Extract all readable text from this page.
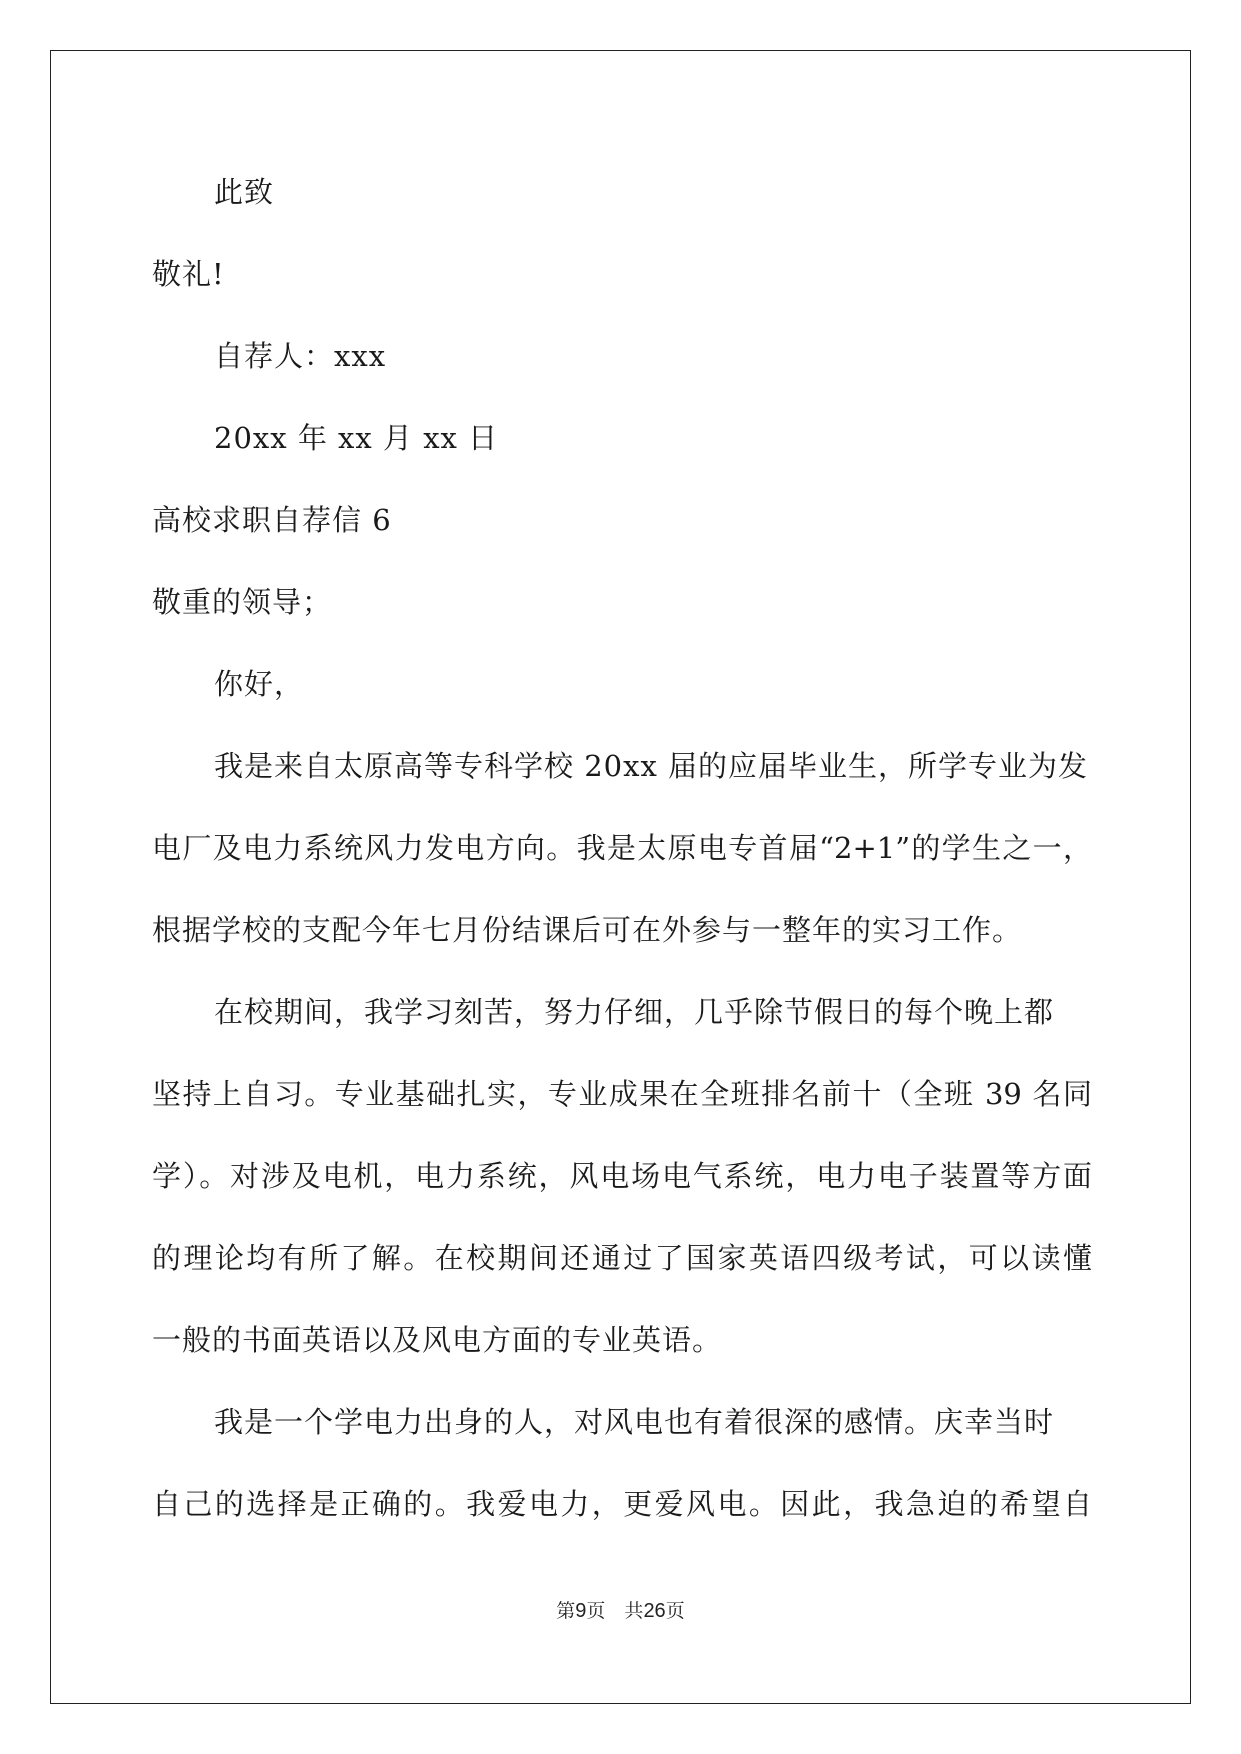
此致
敬礼!
自荐人：xxx
20xx 年 xx 月 xx 日
高校求职自荐信 6
敬重的领导；
你好，
我是来自太原高等专科学校 20xx 届的应届毕业生，所学专业为发
电厂及电力系统风力发电方向。我是太原电专首届“2+1”的学生之一，
根据学校的支配今年七月份结课后可在外参与一整年的实习工作。
在校期间，我学习刻苦，努力仔细，几乎除节假日的每个晚上都
坚持上自习。专业基础扎实，专业成果在全班排名前十（全班 39 名同
学）。对涉及电机，电力系统，风电场电气系统，电力电子装置等方面
的理论均有所了解。在校期间还通过了国家英语四级考试，可以读懂
一般的书面英语以及风电方面的专业英语。
我是一个学电力出身的人，对风电也有着很深的感情。庆幸当时
自己的选择是正确的。我爱电力，更爱风电。因此，我急迫的希望自
第9页　共26页
